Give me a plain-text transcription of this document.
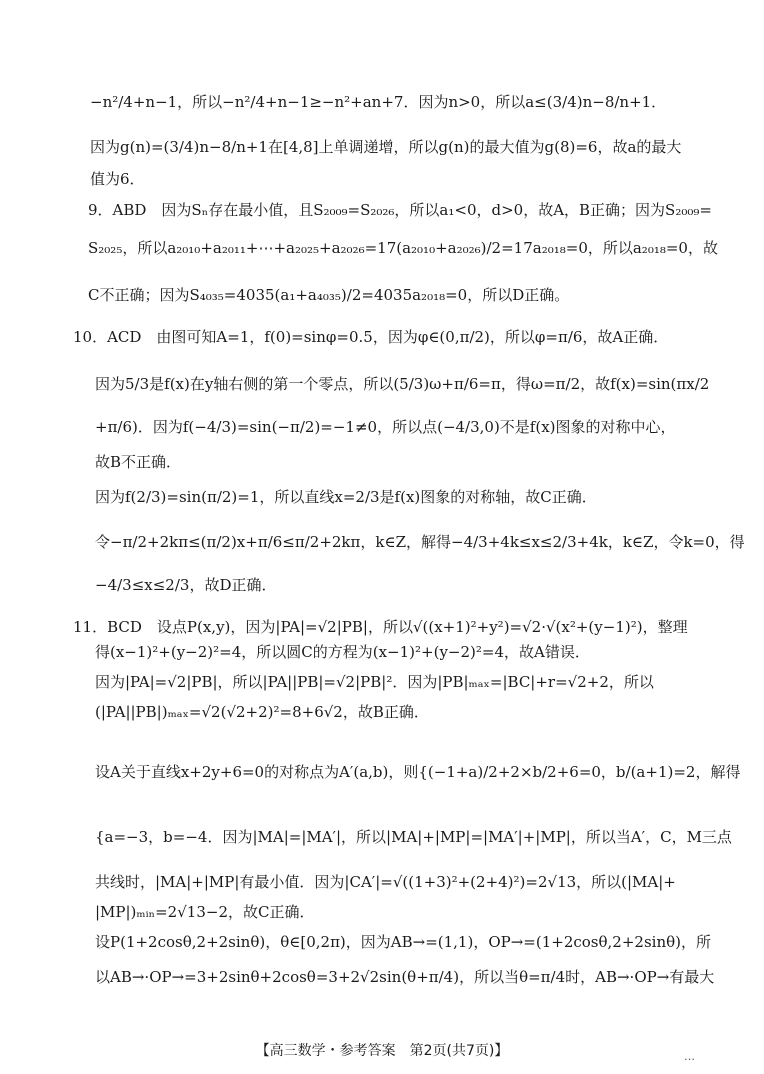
−n²/4+n−1，所以−n²/4+n−1≥−n²+an+7．因为n>0，所以a≤(3/4)n−8/n+1．
因为g(n)=(3/4)n−8/n+1在[4,8]上单调递增，所以g(n)的最大值为g(8)=6，故a的最大
值为6．
9．ABD　因为Sₙ存在最小值，且S₂₀₀₉=S₂₀₂₆，所以a₁<0，d>0，故A，B正确；因为S₂₀₀₉=
S₂₀₂₅，所以a₂₀₁₀+a₂₀₁₁+⋯+a₂₀₂₅+a₂₀₂₆=17(a₂₀₁₀+a₂₀₂₆)/2=17a₂₀₁₈=0，所以a₂₀₁₈=0，故
C不正确；因为S₄₀₃₅=4035(a₁+a₄₀₃₅)/2=4035a₂₀₁₈=0，所以D正确。
10．ACD　由图可知A=1，f(0)=sinφ=0.5，因为φ∈(0,π/2)，所以φ=π/6，故A正确．
因为5/3是f(x)在y轴右侧的第一个零点，所以(5/3)ω+π/6=π，得ω=π/2，故f(x)=sin(πx/2
+π/6)．因为f(−4/3)=sin(−π/2)=−1≠0，所以点(−4/3,0)不是f(x)图象的对称中心，
故B不正确．
因为f(2/3)=sin(π/2)=1，所以直线x=2/3是f(x)图象的对称轴，故C正确．
令−π/2+2kπ≤(π/2)x+π/6≤π/2+2kπ，k∈Z，解得−4/3+4k≤x≤2/3+4k，k∈Z，令k=0，得
−4/3≤x≤2/3，故D正确．
11．BCD　设点P(x,y)，因为|PA|=√2|PB|，所以√((x+1)²+y²)=√2·√(x²+(y−1)²)，整理
得(x−1)²+(y−2)²=4，所以圆C的方程为(x−1)²+(y−2)²=4，故A错误．
因为|PA|=√2|PB|，所以|PA||PB|=√2|PB|²．因为|PB|ₘₐₓ=|BC|+r=√2+2，所以
(|PA||PB|)ₘₐₓ=√2(√2+2)²=8+6√2，故B正确．
设A关于直线x+2y+6=0的对称点为A′(a,b)，则{(−1+a)/2+2×b/2+6=0，b/(a+1)=2，解得
{a=−3，b=−4．因为|MA|=|MA′|，所以|MA|+|MP|=|MA′|+|MP|，所以当A′，C，M三点
共线时，|MA|+|MP|有最小值．因为|CA′|=√((1+3)²+(2+4)²)=2√13，所以(|MA|+
|MP|)ₘᵢₙ=2√13−2，故C正确．
设P(1+2cosθ,2+2sinθ)，θ∈[0,2π)，因为AB→=(1,1)，OP→=(1+2cosθ,2+2sinθ)，所
以AB→·OP→=3+2sinθ+2cosθ=3+2√2sin(θ+π/4)，所以当θ=π/4时，AB→·OP→有最大
【高三数学・参考答案　第2页(共7页)】	…
